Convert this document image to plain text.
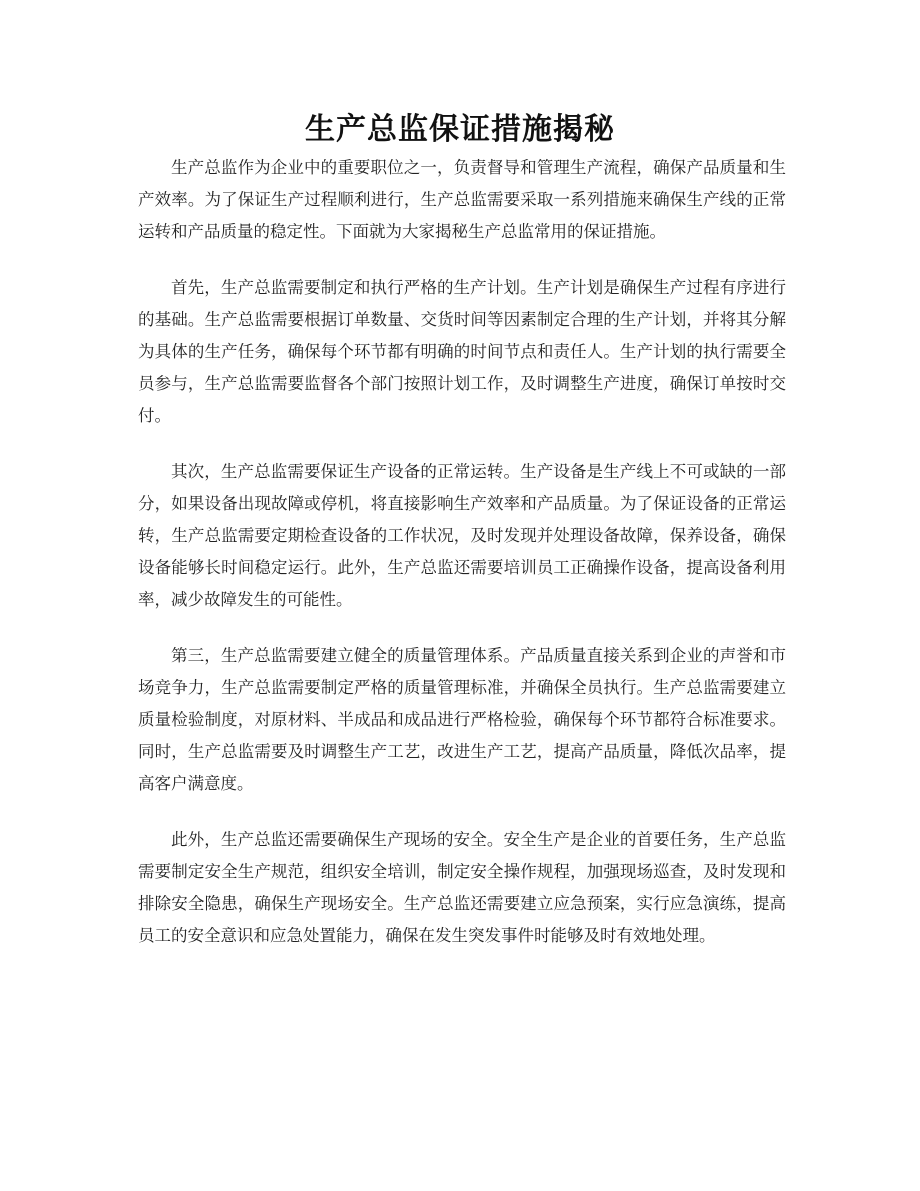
生产总监保证措施揭秘

生产总监作为企业中的重要职位之一，负责督导和管理生产流程，确保产品质量和生产效率。为了保证生产过程顺利进行，生产总监需要采取一系列措施来确保生产线的正常运转和产品质量的稳定性。下面就为大家揭秘生产总监常用的保证措施。

首先，生产总监需要制定和执行严格的生产计划。生产计划是确保生产过程有序进行的基础。生产总监需要根据订单数量、交货时间等因素制定合理的生产计划，并将其分解为具体的生产任务，确保每个环节都有明确的时间节点和责任人。生产计划的执行需要全员参与，生产总监需要监督各个部门按照计划工作，及时调整生产进度，确保订单按时交付。

其次，生产总监需要保证生产设备的正常运转。生产设备是生产线上不可或缺的一部分，如果设备出现故障或停机，将直接影响生产效率和产品质量。为了保证设备的正常运转，生产总监需要定期检查设备的工作状况，及时发现并处理设备故障，保养设备，确保设备能够长时间稳定运行。此外，生产总监还需要培训员工正确操作设备，提高设备利用率，减少故障发生的可能性。

第三，生产总监需要建立健全的质量管理体系。产品质量直接关系到企业的声誉和市场竞争力，生产总监需要制定严格的质量管理标准，并确保全员执行。生产总监需要建立质量检验制度，对原材料、半成品和成品进行严格检验，确保每个环节都符合标准要求。同时，生产总监需要及时调整生产工艺，改进生产工艺，提高产品质量，降低次品率，提高客户满意度。

此外，生产总监还需要确保生产现场的安全。安全生产是企业的首要任务，生产总监需要制定安全生产规范，组织安全培训，制定安全操作规程，加强现场巡查，及时发现和排除安全隐患，确保生产现场安全。生产总监还需要建立应急预案，实行应急演练，提高员工的安全意识和应急处置能力，确保在发生突发事件时能够及时有效地处理。
